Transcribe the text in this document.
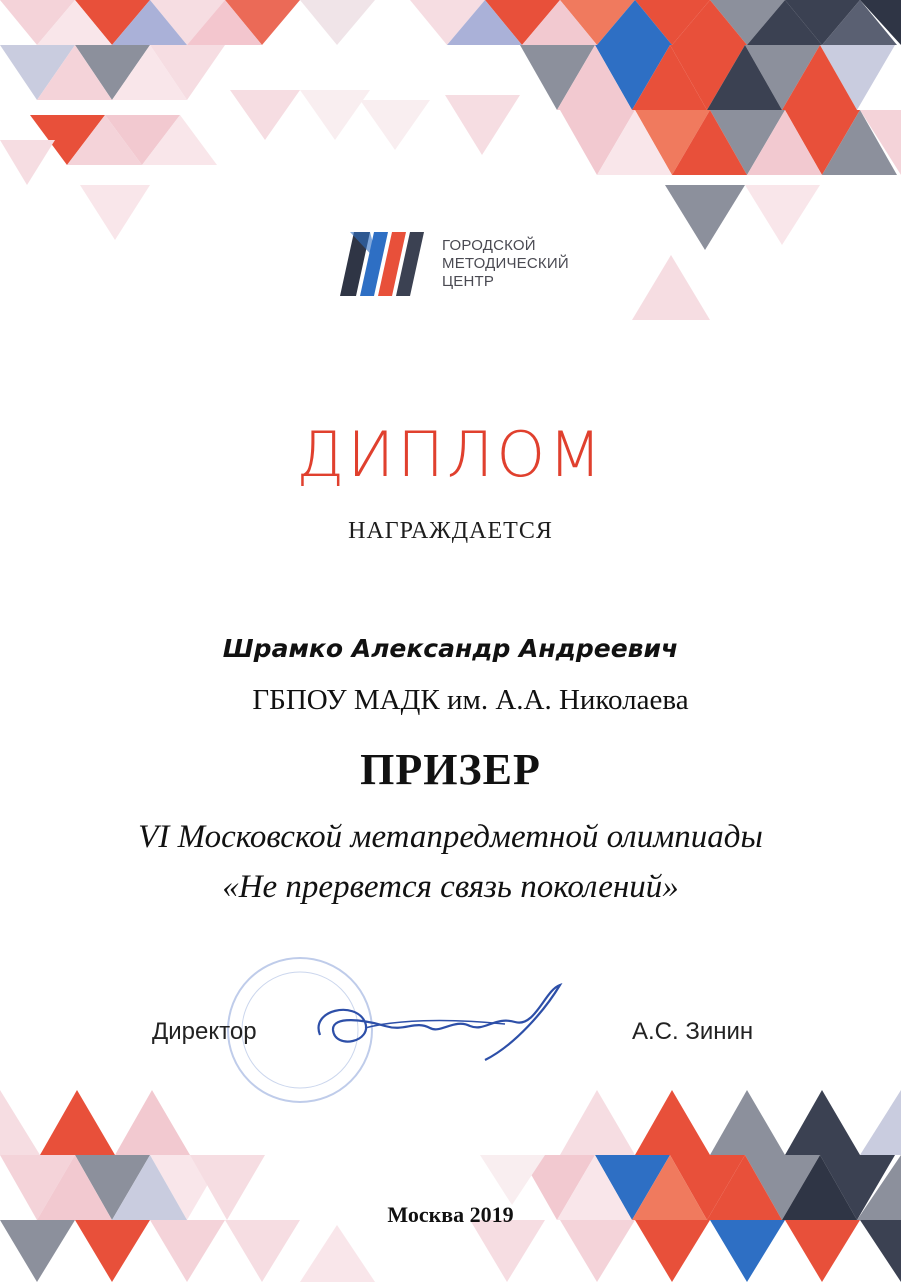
ГОРОДСКОЙ
МЕТОДИЧЕСКИЙ
ЦЕНТР
ДИПЛОМ
НАГРАЖДАЕТСЯ
Шрамко Александр Андреевич
ГБПОУ МАДК им. А.А. Николаева
ПРИЗЕР
VI Московской метапредметной олимпиады
«Не прервется связь поколений»
Директор	А.С. Зинин
Москва 2019
